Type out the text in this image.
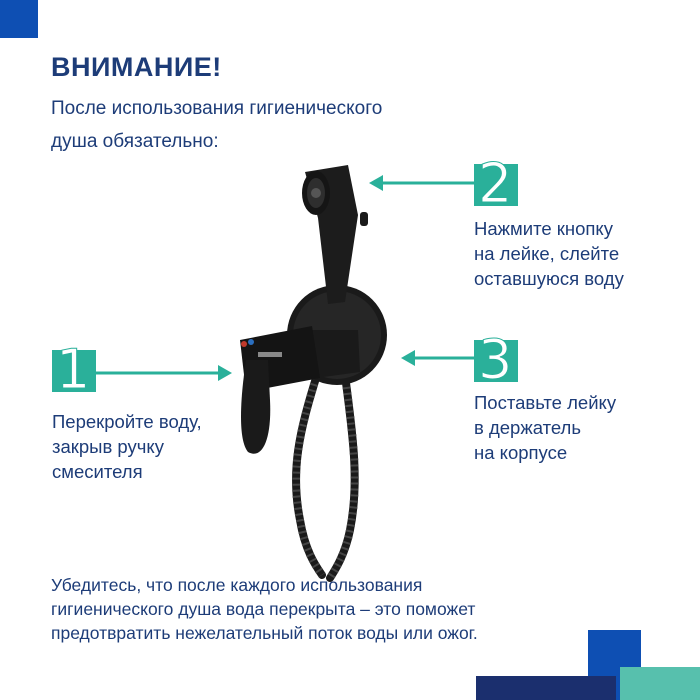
ВНИМАНИЕ!
После использования гигиенического
душа обязательно:
1
Перекройте воду,
закрыв ручку
смесителя
2
Нажмите кнопку
на лейке, слейте
оставшуюся воду
3
Поставьте лейку
в держатель
на корпусе
Убедитесь, что после каждого использования
гигиенического душа вода перекрыта – это поможет
предотвратить нежелательный поток воды или ожог.
